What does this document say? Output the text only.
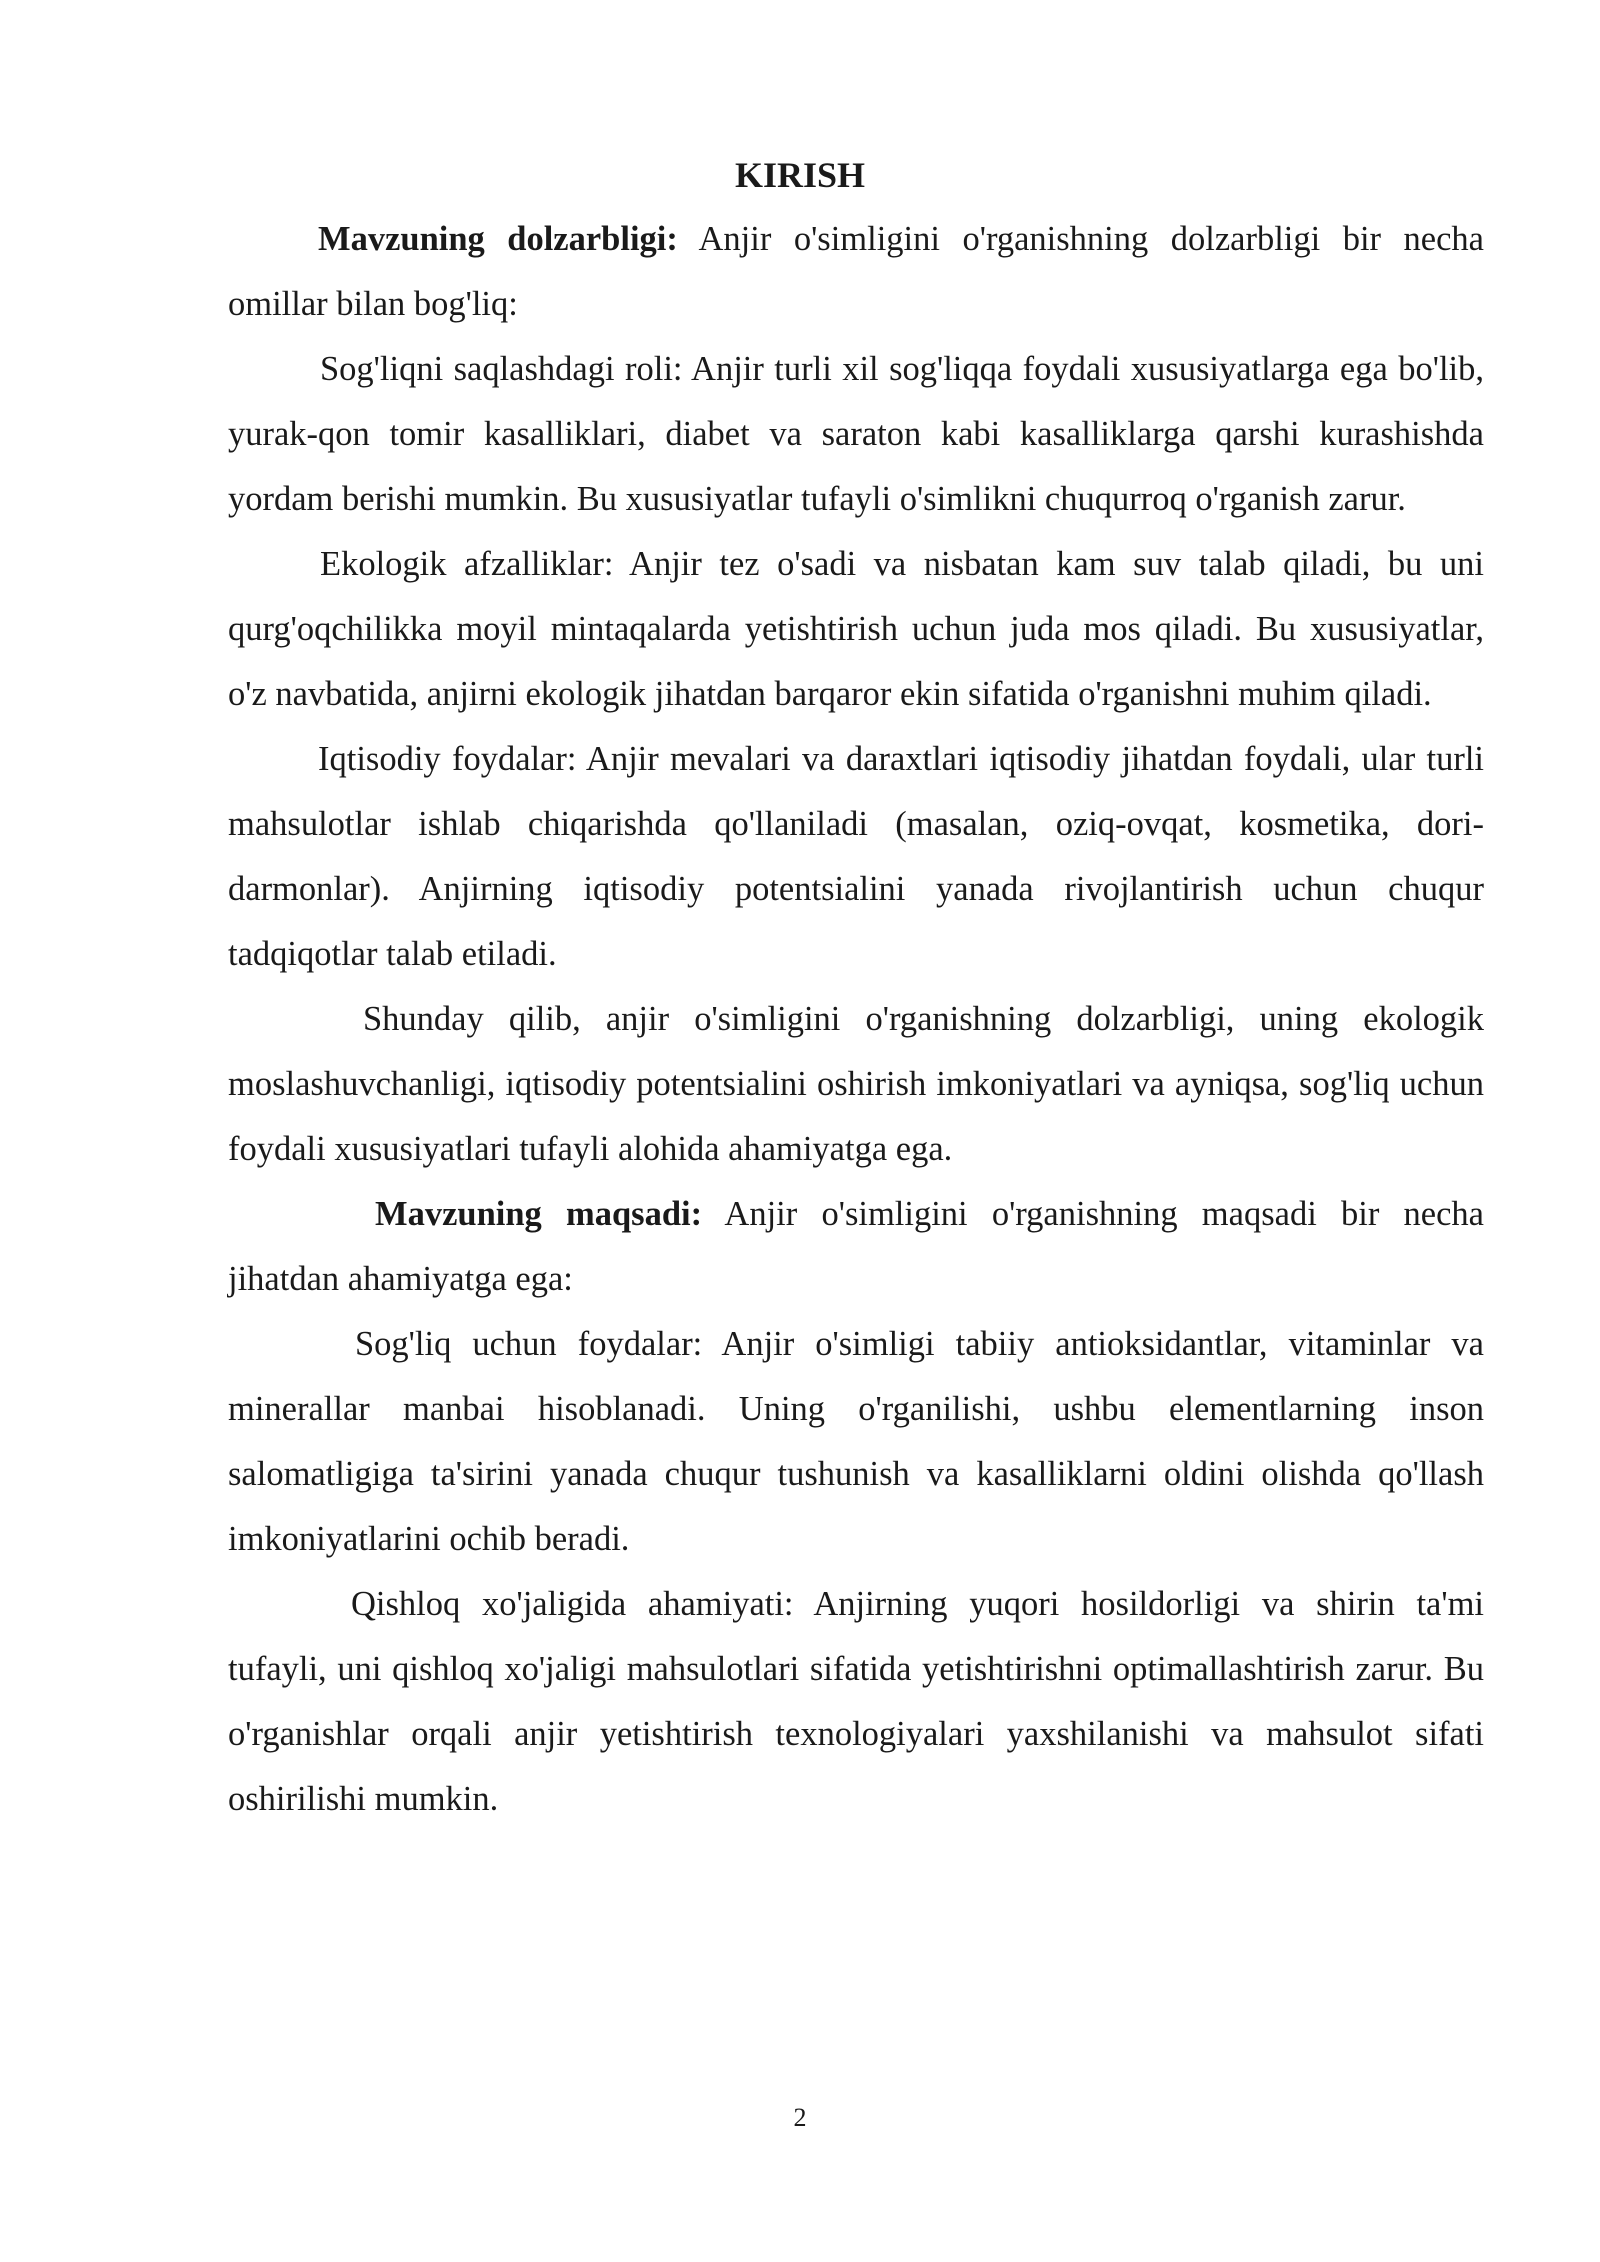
KIRISH

Mavzuning dolzarbligi: Anjir o'simligini o'rganishning dolzarbligi bir necha omillar bilan bog'liq:

Sog'liqni saqlashdagi roli: Anjir turli xil sog'liqqa foydali xususiyatlarga ega bo'lib, yurak-qon tomir kasalliklari, diabet va saraton kabi kasalliklarga qarshi kurashishda yordam berishi mumkin. Bu xususiyatlar tufayli o'simlikni chuqurroq o'rganish zarur.

Ekologik afzalliklar: Anjir tez o'sadi va nisbatan kam suv talab qiladi, bu uni qurg'oqchilikka moyil mintaqalarda yetishtirish uchun juda mos qiladi. Bu xususiyatlar, o'z navbatida, anjirni ekologik jihatdan barqaror ekin sifatida o'rganishni muhim qiladi.

Iqtisodiy foydalar: Anjir mevalari va daraxtlari iqtisodiy jihatdan foydali, ular turli mahsulotlar ishlab chiqarishda qo'llaniladi (masalan, oziq-ovqat, kosmetika, dori-darmonlar). Anjirning iqtisodiy potentsialini yanada rivojlantirish uchun chuqur tadqiqotlar talab etiladi.

Shunday qilib, anjir o'simligini o'rganishning dolzarbligi, uning ekologik moslashuvchanligi, iqtisodiy potentsialini oshirish imkoniyatlari va ayniqsa, sog'liq uchun foydali xususiyatlari tufayli alohida ahamiyatga ega.

Mavzuning maqsadi: Anjir o'simligini o'rganishning maqsadi bir necha jihatdan ahamiyatga ega:

Sog'liq uchun foydalar: Anjir o'simligi tabiiy antioksidantlar, vitaminlar va minerallar manbai hisoblanadi. Uning o'rganilishi, ushbu elementlarning inson salomatligiga ta'sirini yanada chuqur tushunish va kasalliklarni oldini olishda qo'llash imkoniyatlarini ochib beradi.

Qishloq xo'jaligida ahamiyati: Anjirning yuqori hosildorligi va shirin ta'mi tufayli, uni qishloq xo'jaligi mahsulotlari sifatida yetishtirishni optimallashtirish zarur. Bu o'rganishlar orqali anjir yetishtirish texnologiyalari yaxshilanishi va mahsulot sifati oshirilishi mumkin.

2
